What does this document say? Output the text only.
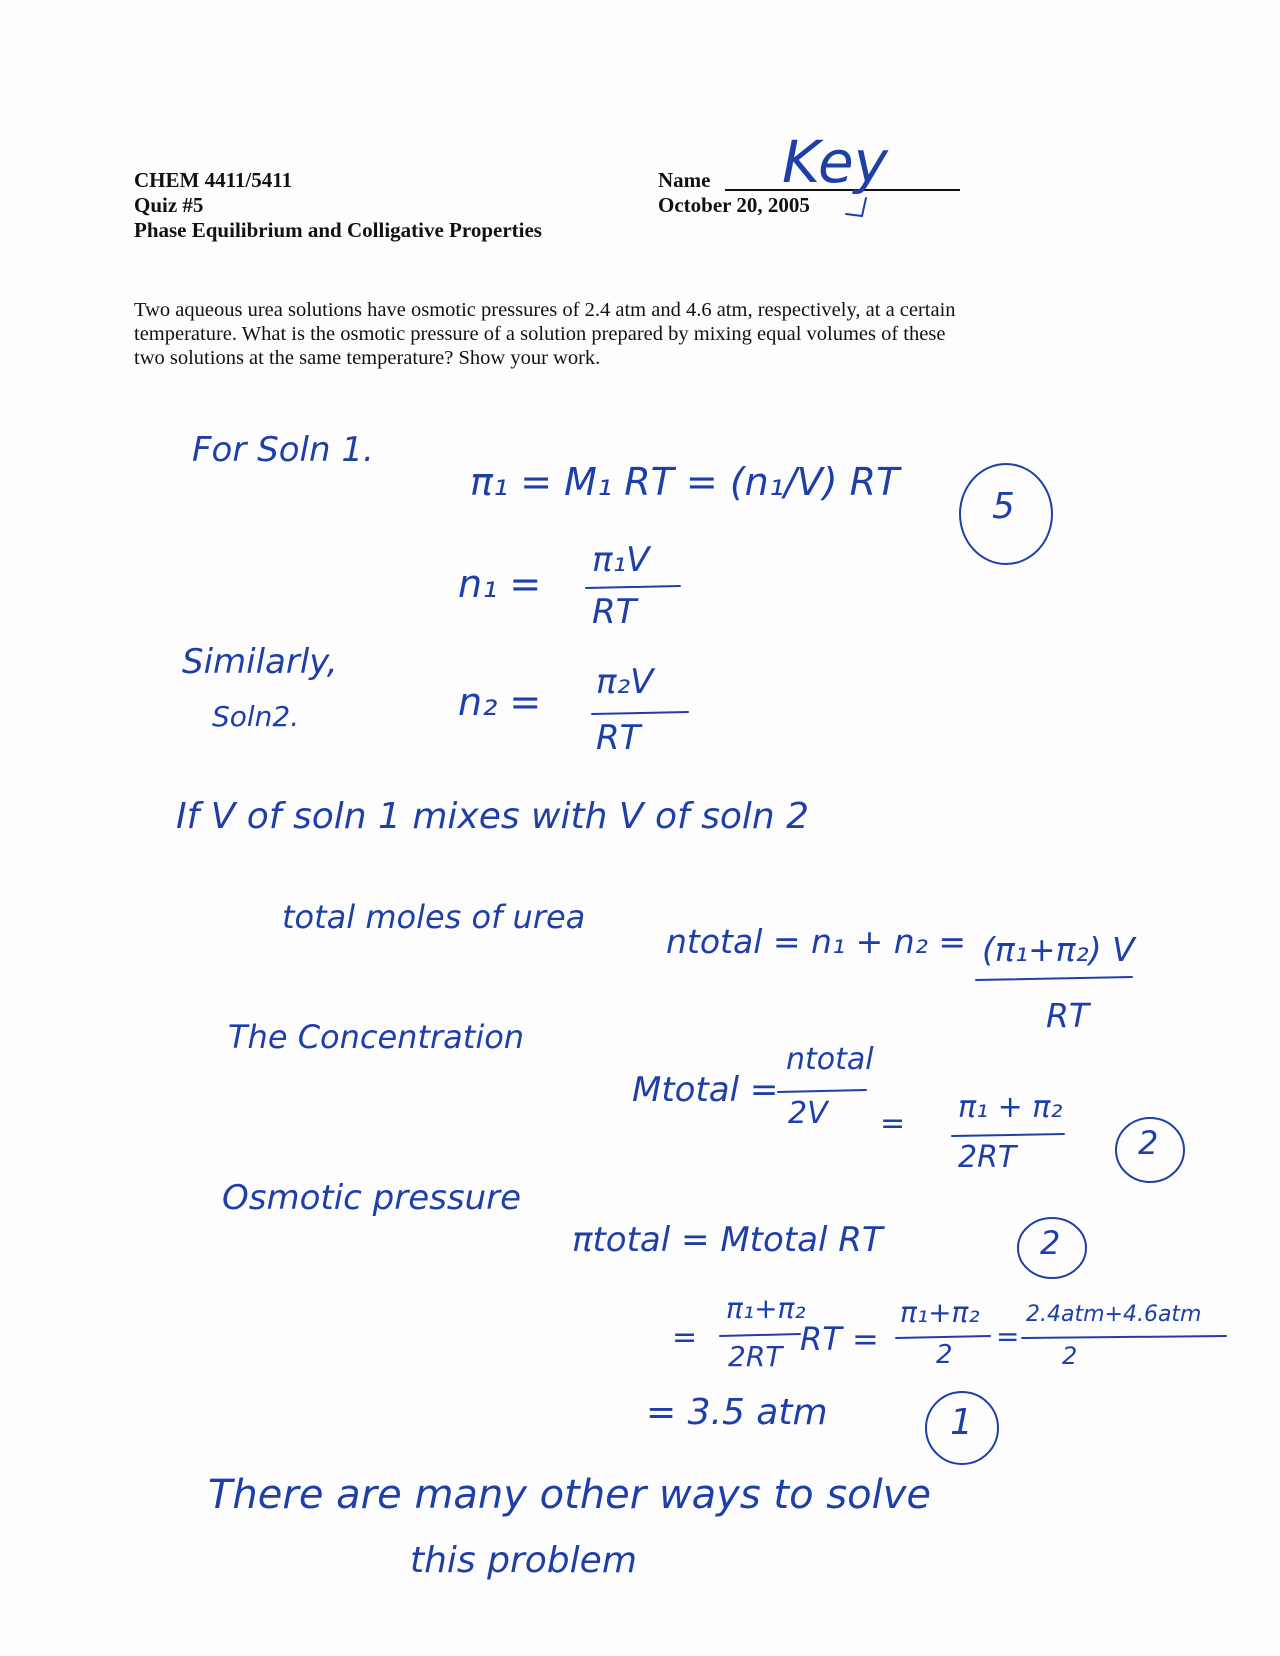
CHEM 4411/5411
Quiz #5
Phase Equilibrium and Colligative Properties
Name
October 20, 2005
Two aqueous urea solutions have osmotic pressures of 2.4 atm and 4.6 atm, respectively, at a certain
temperature. What is the osmotic pressure of a solution prepared by mixing equal volumes of these
two solutions at the same temperature? Show your work.
Key
For Soln 1.
π₁ = M₁ RT = (n₁/V) RT
5
n₁ =
π₁V
RT
Similarly,
Soln2.	n₂ = π₂V
RT
If V of soln 1 mixes with V of soln 2
total moles of urea
ntotal = n₁ + n₂ = (π₁+π₂) V
RT
The Concentration
Mtotal =
ntotal
2V = π₁ + π₂
2RT	2
Osmotic pressure
πtotal = Mtotal RT	2
=
π₁+π₂
2RT RT =
π₁+π₂
2
=
2.4atm+4.6atm
2
= 3.5 atm	1
There are many other ways to solve
this problem
